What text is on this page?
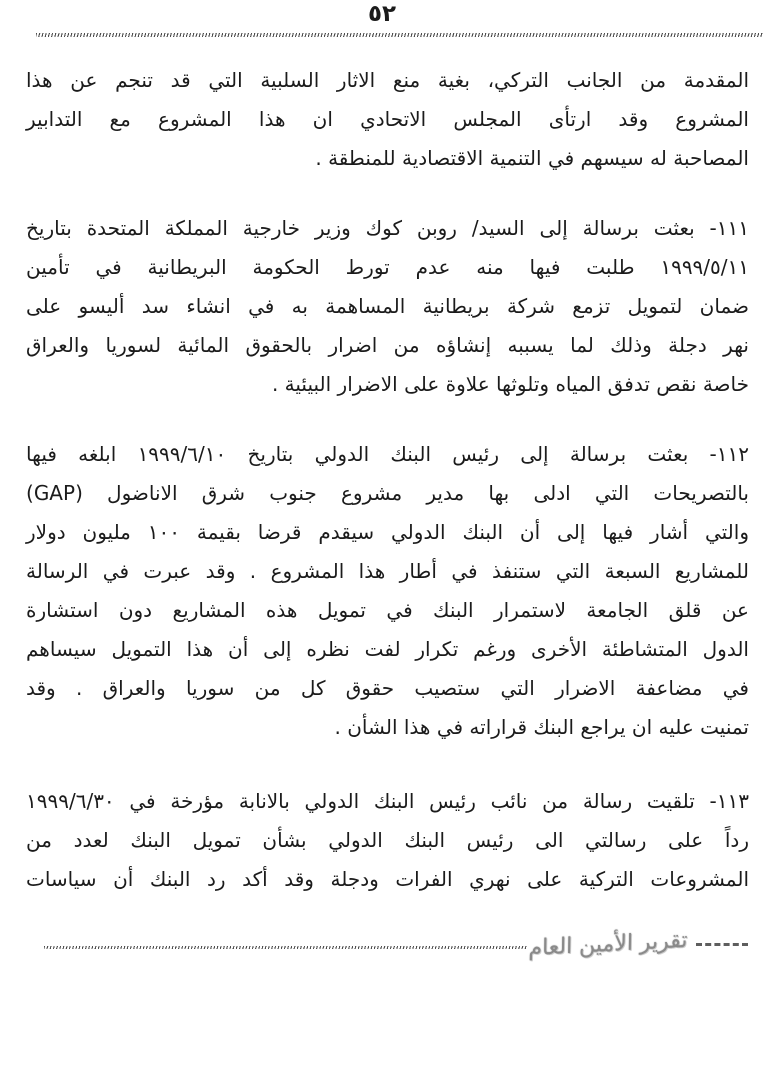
٥٢
المقدمة من الجانب التركي، بغية منع الاثار السلبية التي قد تنجم عن هذا
المشروع وقد ارتأى المجلس الاتحادي ان هذا المشروع مع التدابير
المصاحبة له سيسهم في التنمية الاقتصادية للمنطقة .
١١١- بعثت برسالة إلى السيد/ روبن كوك وزير خارجية المملكة المتحدة بتاريخ
١٩٩٩/٥/١١ طلبت فيها منه عدم تورط الحكومة البريطانية في تأمين
ضمان لتمويل تزمع شركة بريطانية المساهمة به في انشاء سد أليسو على
نهر دجلة وذلك لما يسببه إنشاؤه من اضرار بالحقوق المائية لسوريا والعراق
خاصة نقص تدفق المياه وتلوثها علاوة على الاضرار البيئية .
١١٢- بعثت برسالة إلى رئيس البنك الدولي بتاريخ ١٩٩٩/٦/١٠ ابلغه فيها
بالتصريحات التي ادلى بها مدير مشروع جنوب شرق الاناضول (GAP)
والتي أشار فيها إلى أن البنك الدولي سيقدم قرضا بقيمة ١٠٠ مليون دولار
للمشاريع السبعة التي ستنفذ في أطار هذا المشروع . وقد عبرت في الرسالة
عن قلق الجامعة لاستمرار البنك في تمويل هذه المشاريع دون استشارة
الدول المتشاطئة الأخرى ورغم تكرار لفت نظره إلى أن هذا التمويل سيساهم
في مضاعفة الاضرار التي ستصيب حقوق كل من سوريا والعراق . وقد
تمنيت عليه ان يراجع البنك قراراته في هذا الشأن .
١١٣- تلقيت رسالة من نائب رئيس البنك الدولي بالانابة مؤرخة في ١٩٩٩/٦/٣٠
رداً على رسالتي الى رئيس البنك الدولي بشأن تمويل البنك لعدد من
المشروعات التركية على نهري الفرات ودجلة وقد أكد رد البنك أن سياسات
تقرير الأمين العام
